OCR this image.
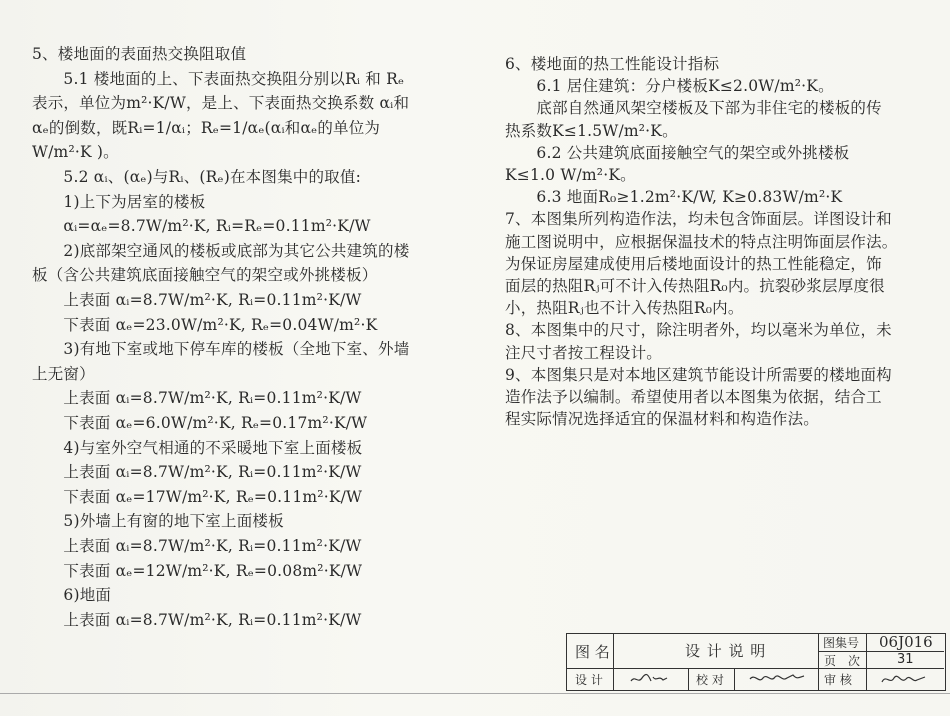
5、楼地面的表面热交换阻取值
　　5.1 楼地面的上、下表面热交换阻分别以Rᵢ 和 Rₑ
表示，单位为m²·K/W，是上、下表面热交换系数 αᵢ和
αₑ的倒数，既Rᵢ=1/αᵢ；Rₑ=1/αₑ(αᵢ和αₑ的单位为
W/m²·K )。
　　5.2 αᵢ、(αₑ)与Rᵢ、(Rₑ)在本图集中的取值:
　　1)上下为居室的楼板
　　αᵢ=αₑ=8.7W/m²·K, Rᵢ=Rₑ=0.11m²·K/W
　　2)底部架空通风的楼板或底部为其它公共建筑的楼
板（含公共建筑底面接触空气的架空或外挑楼板）
　　上表面 αᵢ=8.7W/m²·K, Rᵢ=0.11m²·K/W
　　下表面 αₑ=23.0W/m²·K, Rₑ=0.04W/m²·K
　　3)有地下室或地下停车库的楼板（全地下室、外墙
上无窗）
　　上表面 αᵢ=8.7W/m²·K, Rᵢ=0.11m²·K/W
　　下表面 αₑ=6.0W/m²·K, Rₑ=0.17m²·K/W
　　4)与室外空气相通的不采暖地下室上面楼板
　　上表面 αᵢ=8.7W/m²·K, Rᵢ=0.11m²·K/W
　　下表面 αₑ=17W/m²·K, Rₑ=0.11m²·K/W
　　5)外墙上有窗的地下室上面楼板
　　上表面 αᵢ=8.7W/m²·K, Rᵢ=0.11m²·K/W
　　下表面 αₑ=12W/m²·K, Rₑ=0.08m²·K/W
　　6)地面
　　上表面 αᵢ=8.7W/m²·K, Rᵢ=0.11m²·K/W
6、楼地面的热工性能设计指标
　　6.1 居住建筑：分户楼板K≤2.0W/m²·K。
　　底部自然通风架空楼板及下部为非住宅的楼板的传
热系数K≤1.5W/m²·K。
　　6.2 公共建筑底面接触空气的架空或外挑楼板
K≤1.0 W/m²·K。
　　6.3 地面R₀≥1.2m²·K/W, K≥0.83W/m²·K
7、本图集所列构造作法，均未包含饰面层。详图设计和
施工图说明中，应根据保温技术的特点注明饰面层作法。
为保证房屋建成使用后楼地面设计的热工性能稳定，饰
面层的热阻Rⱼ可不计入传热阻R₀内。抗裂砂浆层厚度很
小，热阻Rⱼ也不计入传热阻R₀内。
8、本图集中的尺寸，除注明者外，均以毫米为单位，未
注尺寸者按工程设计。
9、本图集只是对本地区建筑节能设计所需要的楼地面构
造作法予以编制。希望使用者以本图集为依据，结合工
程实际情况选择适宜的保温材料和构造作法。
图 名	设 计 说 明	图集号 06J016
页　次	31
设 计	校 对	审 核
